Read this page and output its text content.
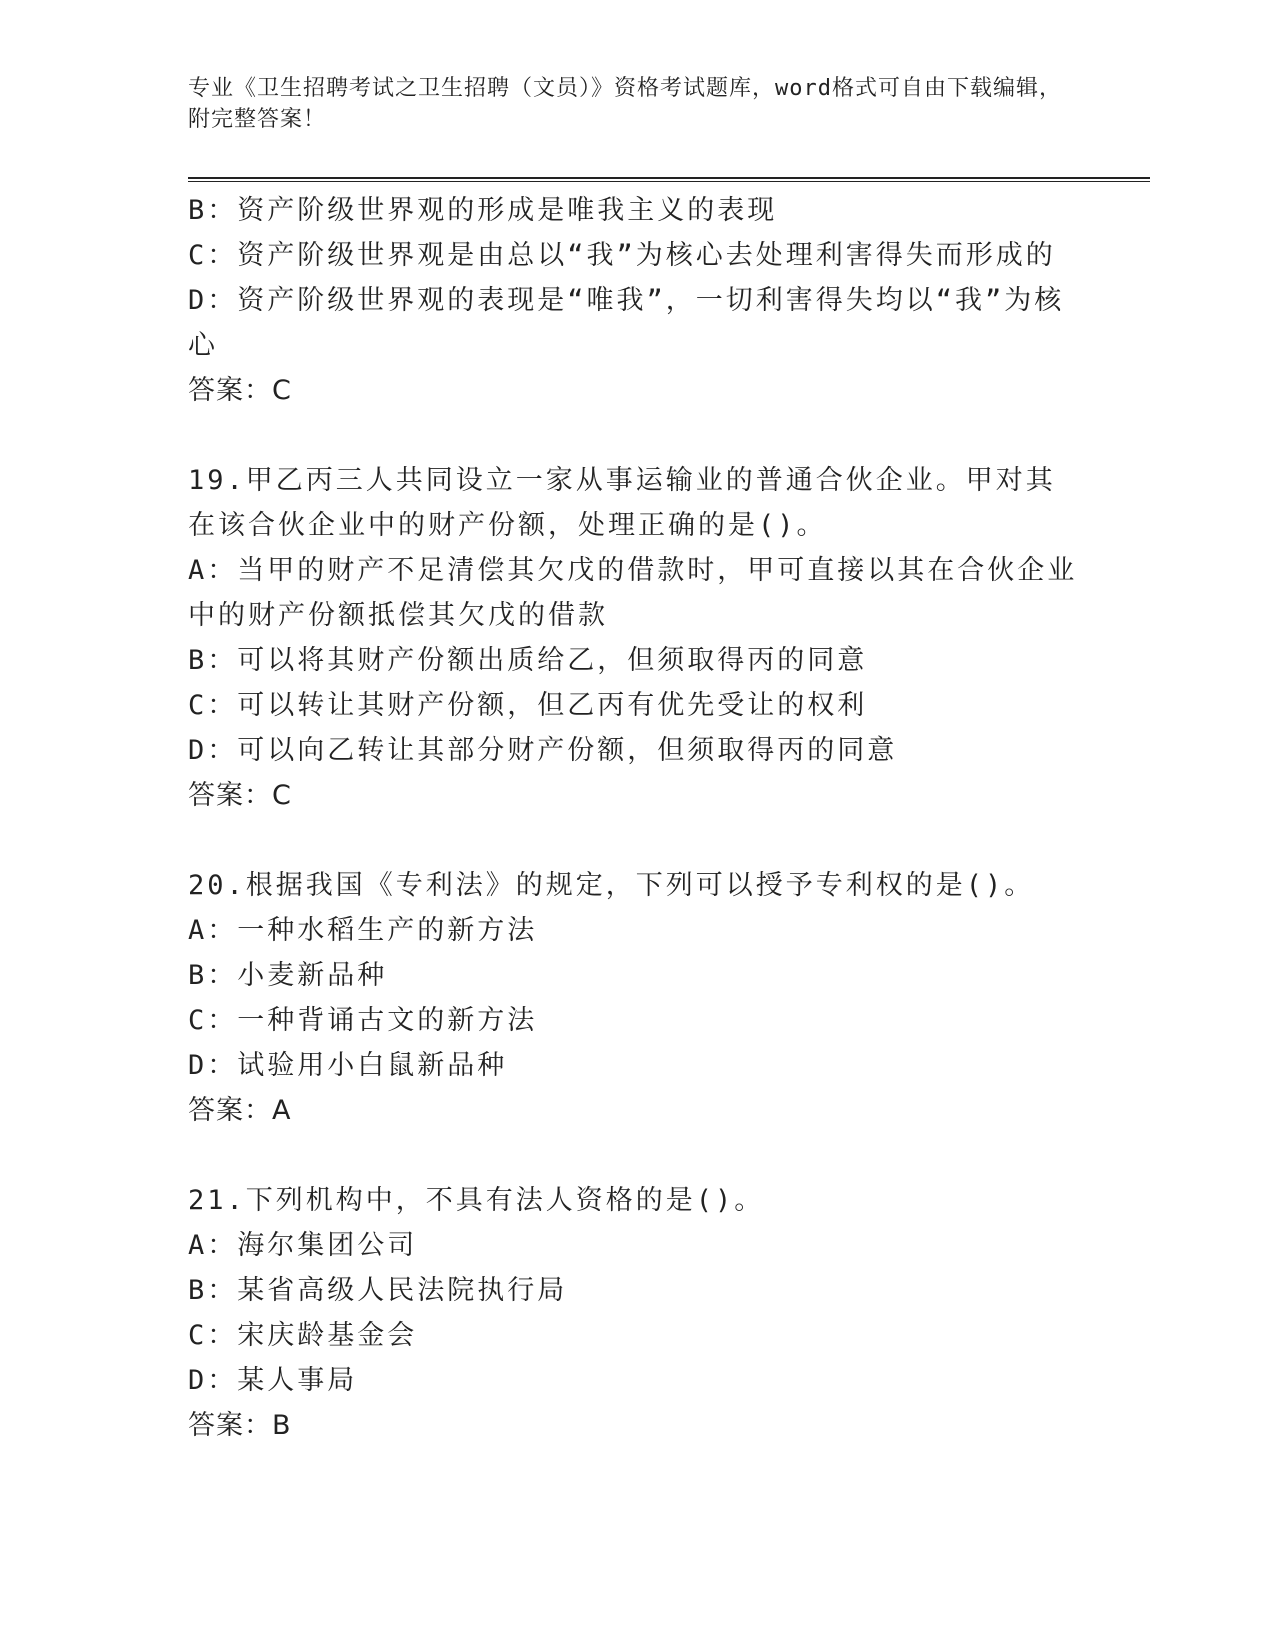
专业《卫生招聘考试之卫生招聘（文员）》资格考试题库，word格式可自由下载编辑，附完整答案！
B：资产阶级世界观的形成是唯我主义的表现
C：资产阶级世界观是由总以“我”为核心去处理利害得失而形成的
D：资产阶级世界观的表现是“唯我”，一切利害得失均以“我”为核心
答案：C
19.甲乙丙三人共同设立一家从事运输业的普通合伙企业。甲对其在该合伙企业中的财产份额，处理正确的是()。
A：当甲的财产不足清偿其欠戊的借款时，甲可直接以其在合伙企业中的财产份额抵偿其欠戊的借款
B：可以将其财产份额出质给乙，但须取得丙的同意
C：可以转让其财产份额，但乙丙有优先受让的权利
D：可以向乙转让其部分财产份额，但须取得丙的同意
答案：C
20.根据我国《专利法》的规定，下列可以授予专利权的是()。
A：一种水稻生产的新方法
B：小麦新品种
C：一种背诵古文的新方法
D：试验用小白鼠新品种
答案：A
21.下列机构中，不具有法人资格的是()。
A：海尔集团公司
B：某省高级人民法院执行局
C：宋庆龄基金会
D：某人事局
答案：B
